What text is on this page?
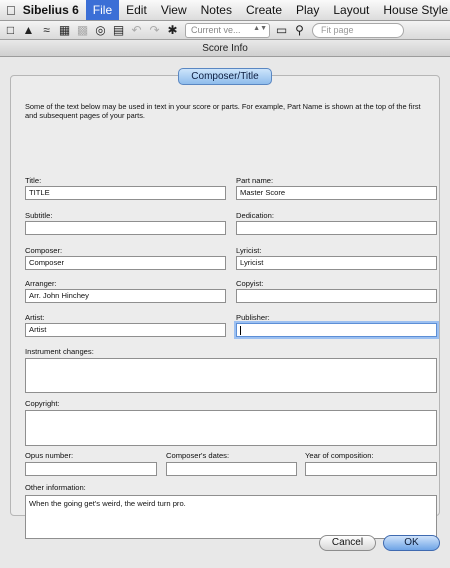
Sibelius 6	File	Edit	View	Notes	Create	Play	Layout	House Style
□ ▲ ≈ ▦ ▩ ◎ ▤ ↶ ↷ ✱ Current ve... ▲▼ ▭ ⚲	Fit page
Score Info
Some of the text below may be used in text in your score or parts. For example, Part Name is shown at the top of the first and subsequent pages of your parts.
Title:
TITLE
Part name:
Master Score
Subtitle:	Dedication:
Composer:
Composer
Lyricist:
Lyricist
Arranger:
Arr. John Hinchey
Copyist:
Artist:
Artist
Publisher:
Instrument changes:
Copyright:
Opus number:	Composer's dates:	Year of composition:
Other information:
When the going get's weird, the weird turn pro.
Composer/Title
Cancel	OK
